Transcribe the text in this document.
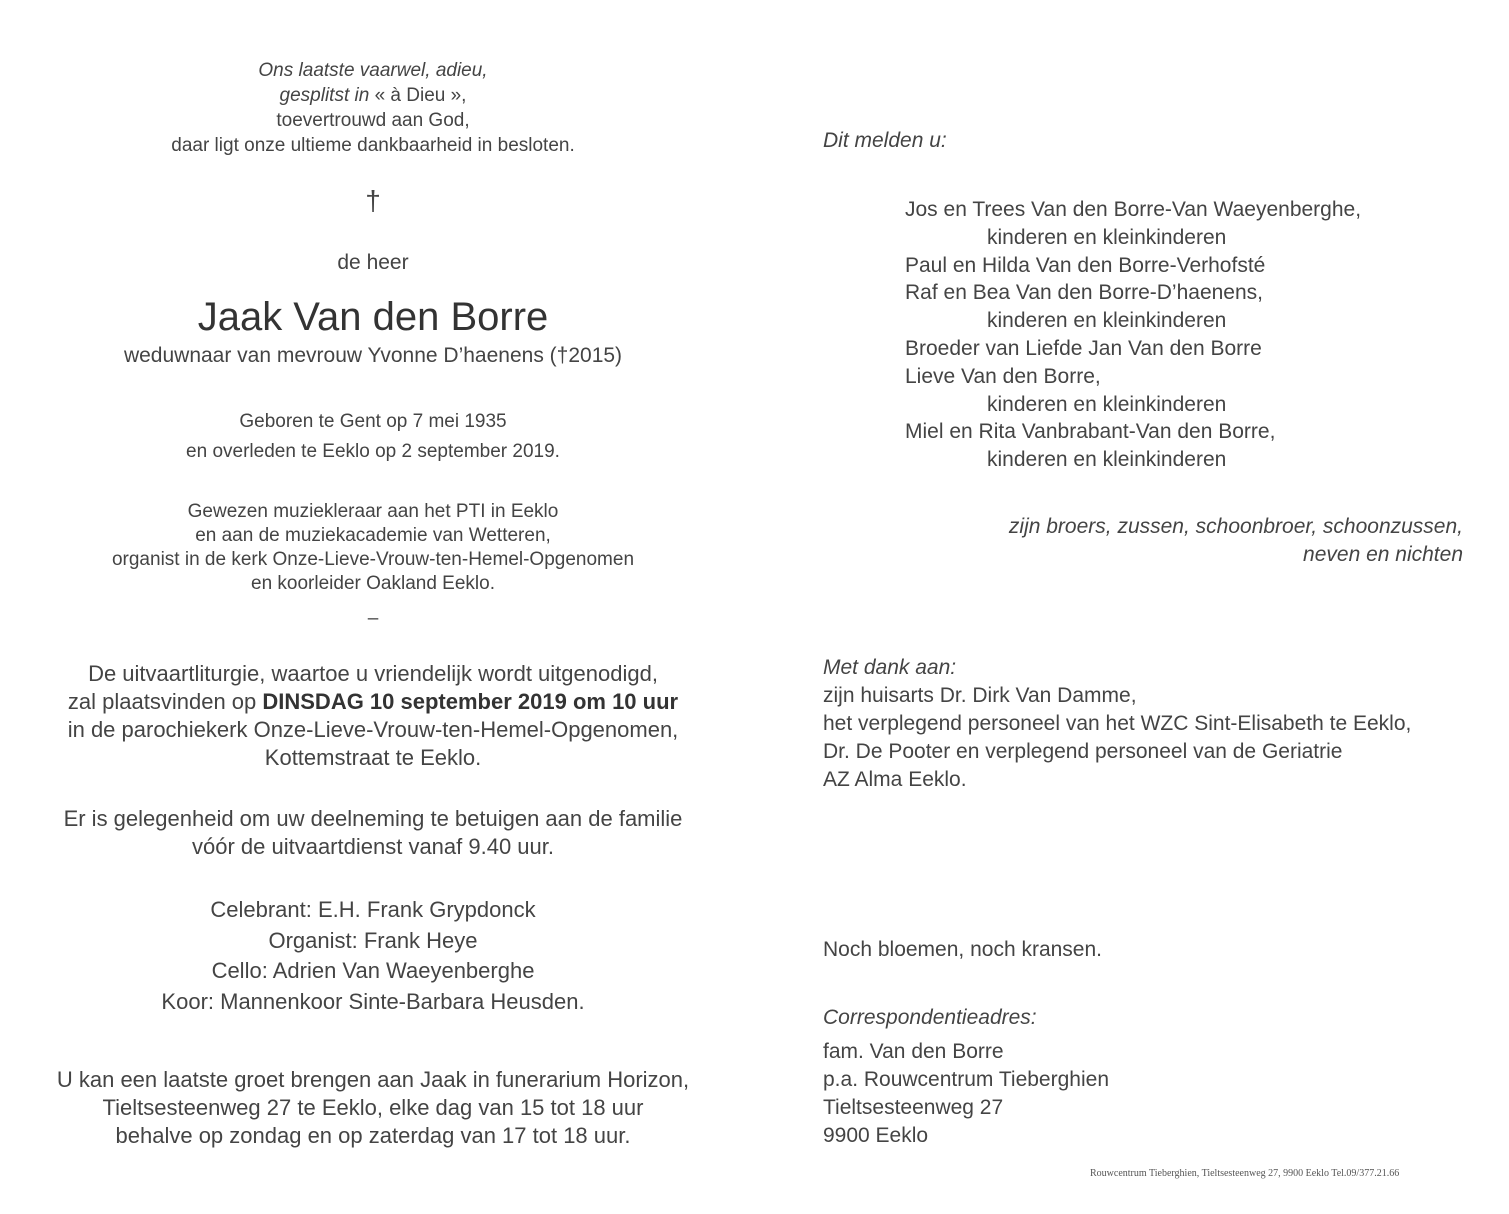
Ons laatste vaarwel, adieu,
gesplitst in « à Dieu »,
toevertrouwd aan God,
daar ligt onze ultieme dankbaarheid in besloten.
†
de heer
Jaak Van den Borre
weduwnaar van mevrouw Yvonne D’haenens (†2015)
Geboren te Gent op 7 mei 1935
en overleden te Eeklo op 2 september 2019.
Gewezen muziekleraar aan het PTI in Eeklo
en aan de muziekacademie van Wetteren,
organist in de kerk Onze-Lieve-Vrouw-ten-Hemel-Opgenomen
en koorleider Oakland Eeklo.
–
De uitvaartliturgie, waartoe u vriendelijk wordt uitgenodigd,
zal plaatsvinden op DINSDAG 10 september 2019 om 10 uur
in de parochiekerk Onze-Lieve-Vrouw-ten-Hemel-Opgenomen,
Kottemstraat te Eeklo.
Er is gelegenheid om uw deelneming te betuigen aan de familie
vóór de uitvaartdienst vanaf 9.40 uur.
Celebrant: E.H. Frank Grypdonck
Organist: Frank Heye
Cello: Adrien Van Waeyenberghe
Koor: Mannenkoor Sinte-Barbara Heusden.
U kan een laatste groet brengen aan Jaak in funerarium Horizon,
Tieltsesteenweg 27 te Eeklo, elke dag van 15 tot 18 uur
behalve op zondag en op zaterdag van 17 tot 18 uur.
Dit melden u:
Jos en Trees Van den Borre-Van Waeyenberghe,
kinderen en kleinkinderen
Paul en Hilda Van den Borre-Verhofsté
Raf en Bea Van den Borre-D’haenens,
kinderen en kleinkinderen
Broeder van Liefde Jan Van den Borre
Lieve Van den Borre,
kinderen en kleinkinderen
Miel en Rita Vanbrabant-Van den Borre,
kinderen en kleinkinderen
zijn broers, zussen, schoonbroer, schoonzussen,
neven en nichten
Met dank aan:
zijn huisarts Dr. Dirk Van Damme,
het verplegend personeel van het WZC Sint-Elisabeth te Eeklo,
Dr. De Pooter en verplegend personeel van de Geriatrie
AZ Alma Eeklo.
Noch bloemen, noch kransen.
Correspondentieadres:
fam. Van den Borre
p.a. Rouwcentrum Tieberghien
Tieltsesteenweg 27
9900 Eeklo
Rouwcentrum Tieberghien, Tieltsesteenweg 27, 9900 Eeklo Tel.09/377.21.66
